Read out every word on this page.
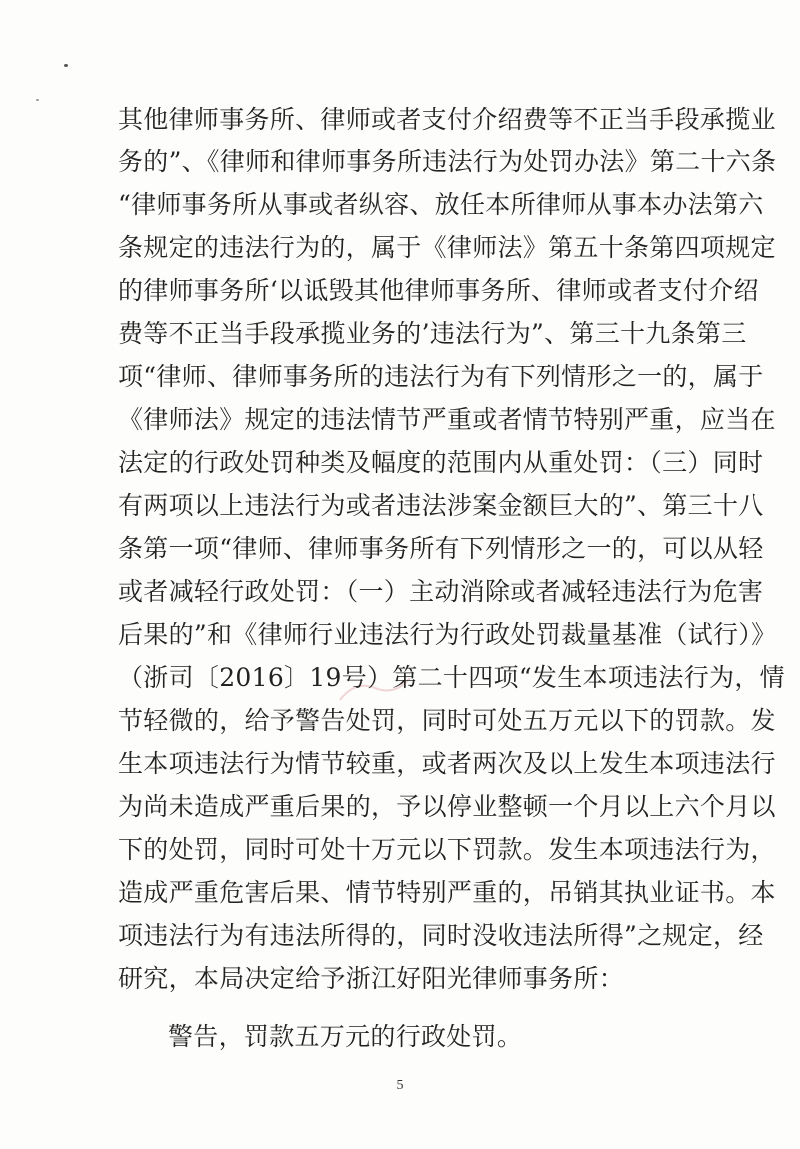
其他律师事务所、律师或者支付介绍费等不正当手段承揽业
务的”、《律师和律师事务所违法行为处罚办法》第二十六条
“律师事务所从事或者纵容、放任本所律师从事本办法第六
条规定的违法行为的，属于《律师法》第五十条第四项规定
的律师事务所‘以诋毁其他律师事务所、律师或者支付介绍
费等不正当手段承揽业务的’违法行为”、第三十九条第三
项“律师、律师事务所的违法行为有下列情形之一的，属于
《律师法》规定的违法情节严重或者情节特别严重，应当在
法定的行政处罚种类及幅度的范围内从重处罚：（三）同时
有两项以上违法行为或者违法涉案金额巨大的”、第三十八
条第一项“律师、律师事务所有下列情形之一的，可以从轻
或者减轻行政处罚：（一）主动消除或者减轻违法行为危害
后果的”和《律师行业违法行为行政处罚裁量基准（试行）》
（浙司〔2016〕19号）第二十四项“发生本项违法行为，情
节轻微的，给予警告处罚，同时可处五万元以下的罚款。发
生本项违法行为情节较重，或者两次及以上发生本项违法行
为尚未造成严重后果的，予以停业整顿一个月以上六个月以
下的处罚，同时可处十万元以下罚款。发生本项违法行为，
造成严重危害后果、情节特别严重的，吊销其执业证书。本
项违法行为有违法所得的，同时没收违法所得”之规定，经
研究，本局决定给予浙江好阳光律师事务所：
警告，罚款五万元的行政处罚。
5
